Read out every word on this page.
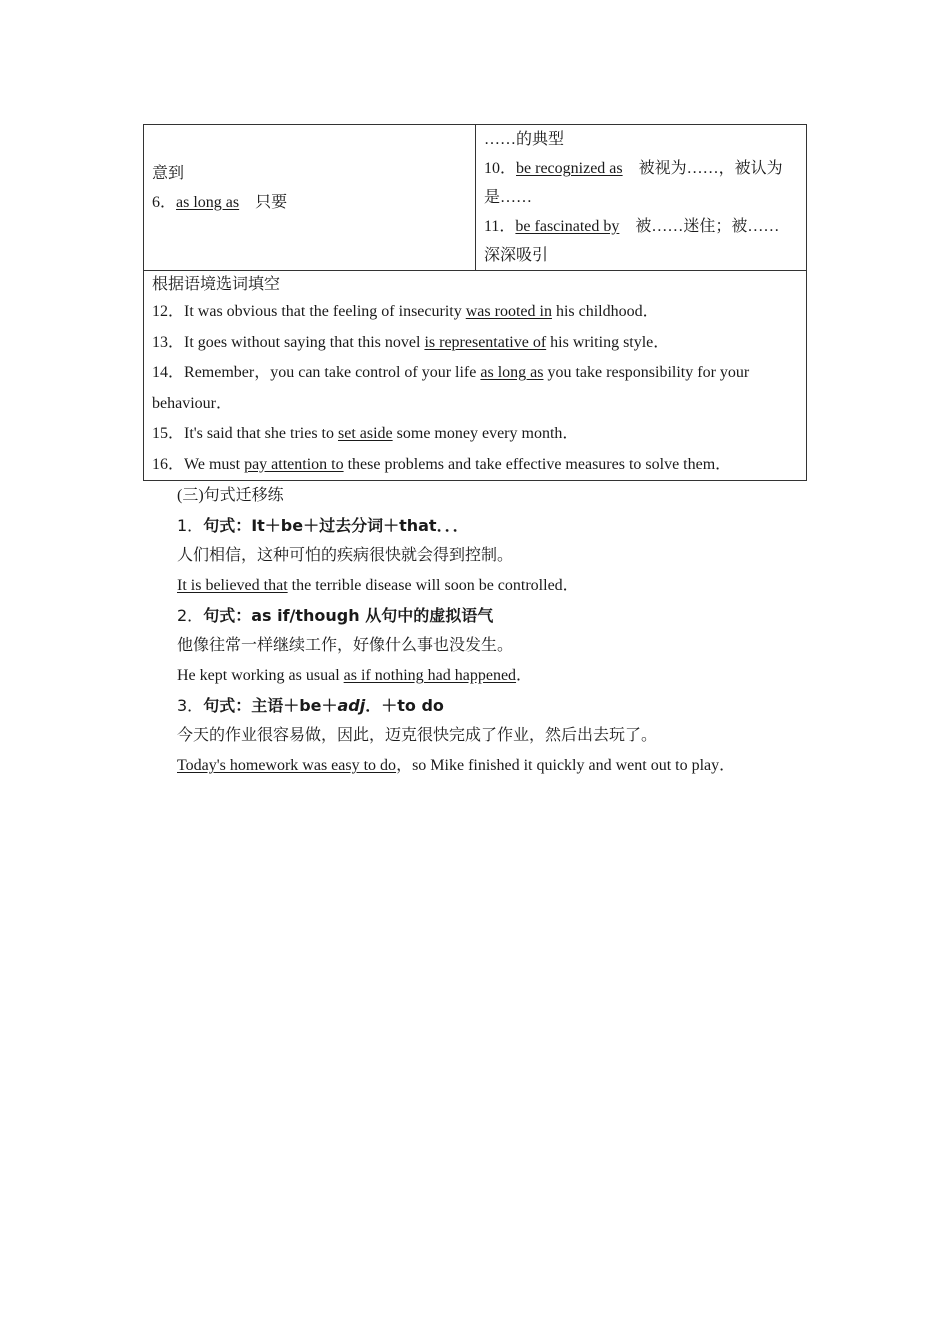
意到
6．as long as　 只要

……的典型
10．be recognized as　被视为……，被认为
是……
11．be fascinated by　被……迷住；被……
深深吸引

根据语境选词填空
12．It was obvious that the feeling of insecurity was rooted in his childhood．
13．It goes without saying that this novel is representative of his writing style．
14．Remember，you can take control of your life as long as you take responsibility for your
behaviour．
15．It's said that she tries to set aside some money every month．
16．We must pay attention to these problems and take effective measures to solve them．
(三)句式迁移练
1．句式：It＋be＋过去分词＋that．．．
人们相信，这种可怕的疾病很快就会得到控制。
It is believed that the terrible disease will soon be controlled．
2．句式：as if/though 从句中的虚拟语气
他像往常一样继续工作，好像什么事也没发生。
He kept working as usual as if nothing had happened．
3．句式：主语＋be＋adj．＋to do
今天的作业很容易做，因此，迈克很快完成了作业，然后出去玩了。
Today's homework was easy to do，so Mike finished it quickly and went out to play．
